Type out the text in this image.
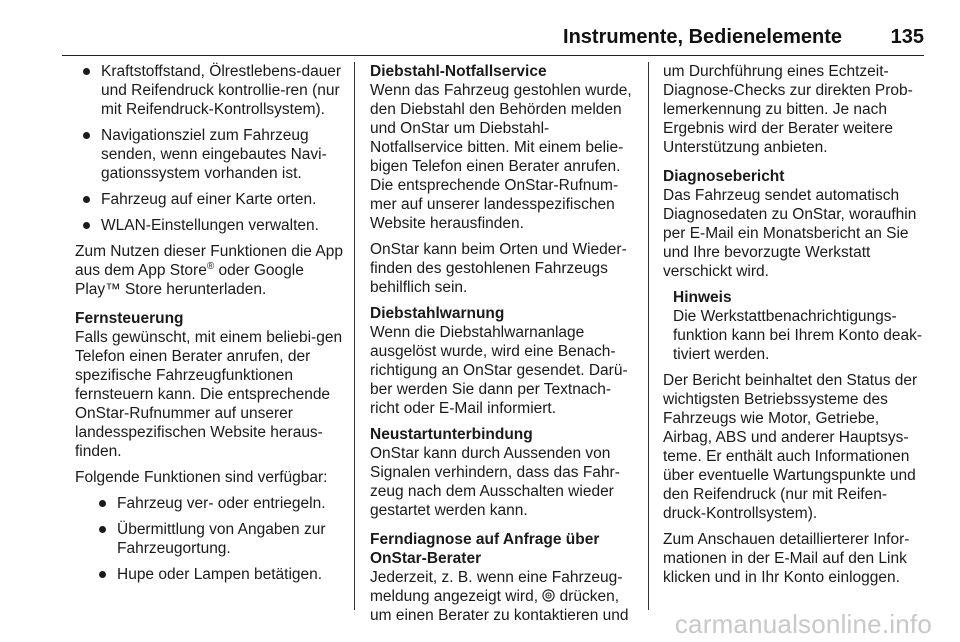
Instrumente, Bedienelemente 135
Kraftstoffstand, Ölrestlebens-dauer und Reifendruck kontrollie-ren (nur mit Reifendruck-Kontrollsystem).
Navigationsziel zum Fahrzeug senden, wenn eingebautes Navi-gationssystem vorhanden ist.
Fahrzeug auf einer Karte orten.
WLAN-Einstellungen verwalten.

Zum Nutzen dieser Funktionen die App aus dem App Store® oder Google Play™ Store herunterladen.

Fernsteuerung

Falls gewünscht, mit einem beliebi-gen Telefon einen Berater anrufen, der spezifische Fahrzeugfunktionen fernsteuern kann. Die entsprechende OnStar-Rufnummer auf unserer landesspezifischen Website heraus-finden.

Folgende Funktionen sind verfügbar:

Fahrzeug ver- oder entriegeln.
Übermittlung von Angaben zur Fahrzeugortung.
Hupe oder Lampen betätigen.
Diebstahl-Notfallservice

Wenn das Fahrzeug gestohlen wurde, den Diebstahl den Behörden melden und OnStar um Diebstahl-Notfallservice bitten. Mit einem belie-bigen Telefon einen Berater anrufen. Die entsprechende OnStar-Rufnum-mer auf unserer landesspezifischen Website herausfinden.

OnStar kann beim Orten und Wieder-finden des gestohlenen Fahrzeugs behilflich sein.

Diebstahlwarnung

Wenn die Diebstahlwarnanlage ausgelöst wurde, wird eine Benach-richtigung an OnStar gesendet. Darü-ber werden Sie dann per Textnach-richt oder E-Mail informiert.

Neustartunterbindung

OnStar kann durch Aussenden von Signalen verhindern, dass das Fahr-zeug nach dem Ausschalten wieder gestartet werden kann.

Ferndiagnose auf Anfrage über OnStar-Berater

Jederzeit, z. B. wenn eine Fahrzeug-meldung angezeigt wird,  drücken, um einen Berater zu kontaktieren und

um Durchführung eines Echtzeit-Diagnose-Checks zur direkten Prob-lemerkennung zu bitten. Je nach Ergebnis wird der Berater weitere Unterstützung anbieten.

Diagnosebericht

Das Fahrzeug sendet automatisch Diagnosedaten zu OnStar, woraufhin per E-Mail ein Monatsbericht an Sie und Ihre bevorzugte Werkstatt verschickt wird.

Hinweis

Die Werkstattbenachrichtigungs-funktion kann bei Ihrem Konto deak-tiviert werden.

Der Bericht beinhaltet den Status der wichtigsten Betriebssysteme des Fahrzeugs wie Motor, Getriebe, Airbag, ABS und anderer Hauptsys-teme. Er enthält auch Informationen über eventuelle Wartungspunkte und den Reifendruck (nur mit Reifen-druck-Kontrollsystem).

Zum Anschauen detaillierterer Infor-mationen in der E-Mail auf den Link klicken und in Ihr Konto einloggen.

carmanualsonline.info
